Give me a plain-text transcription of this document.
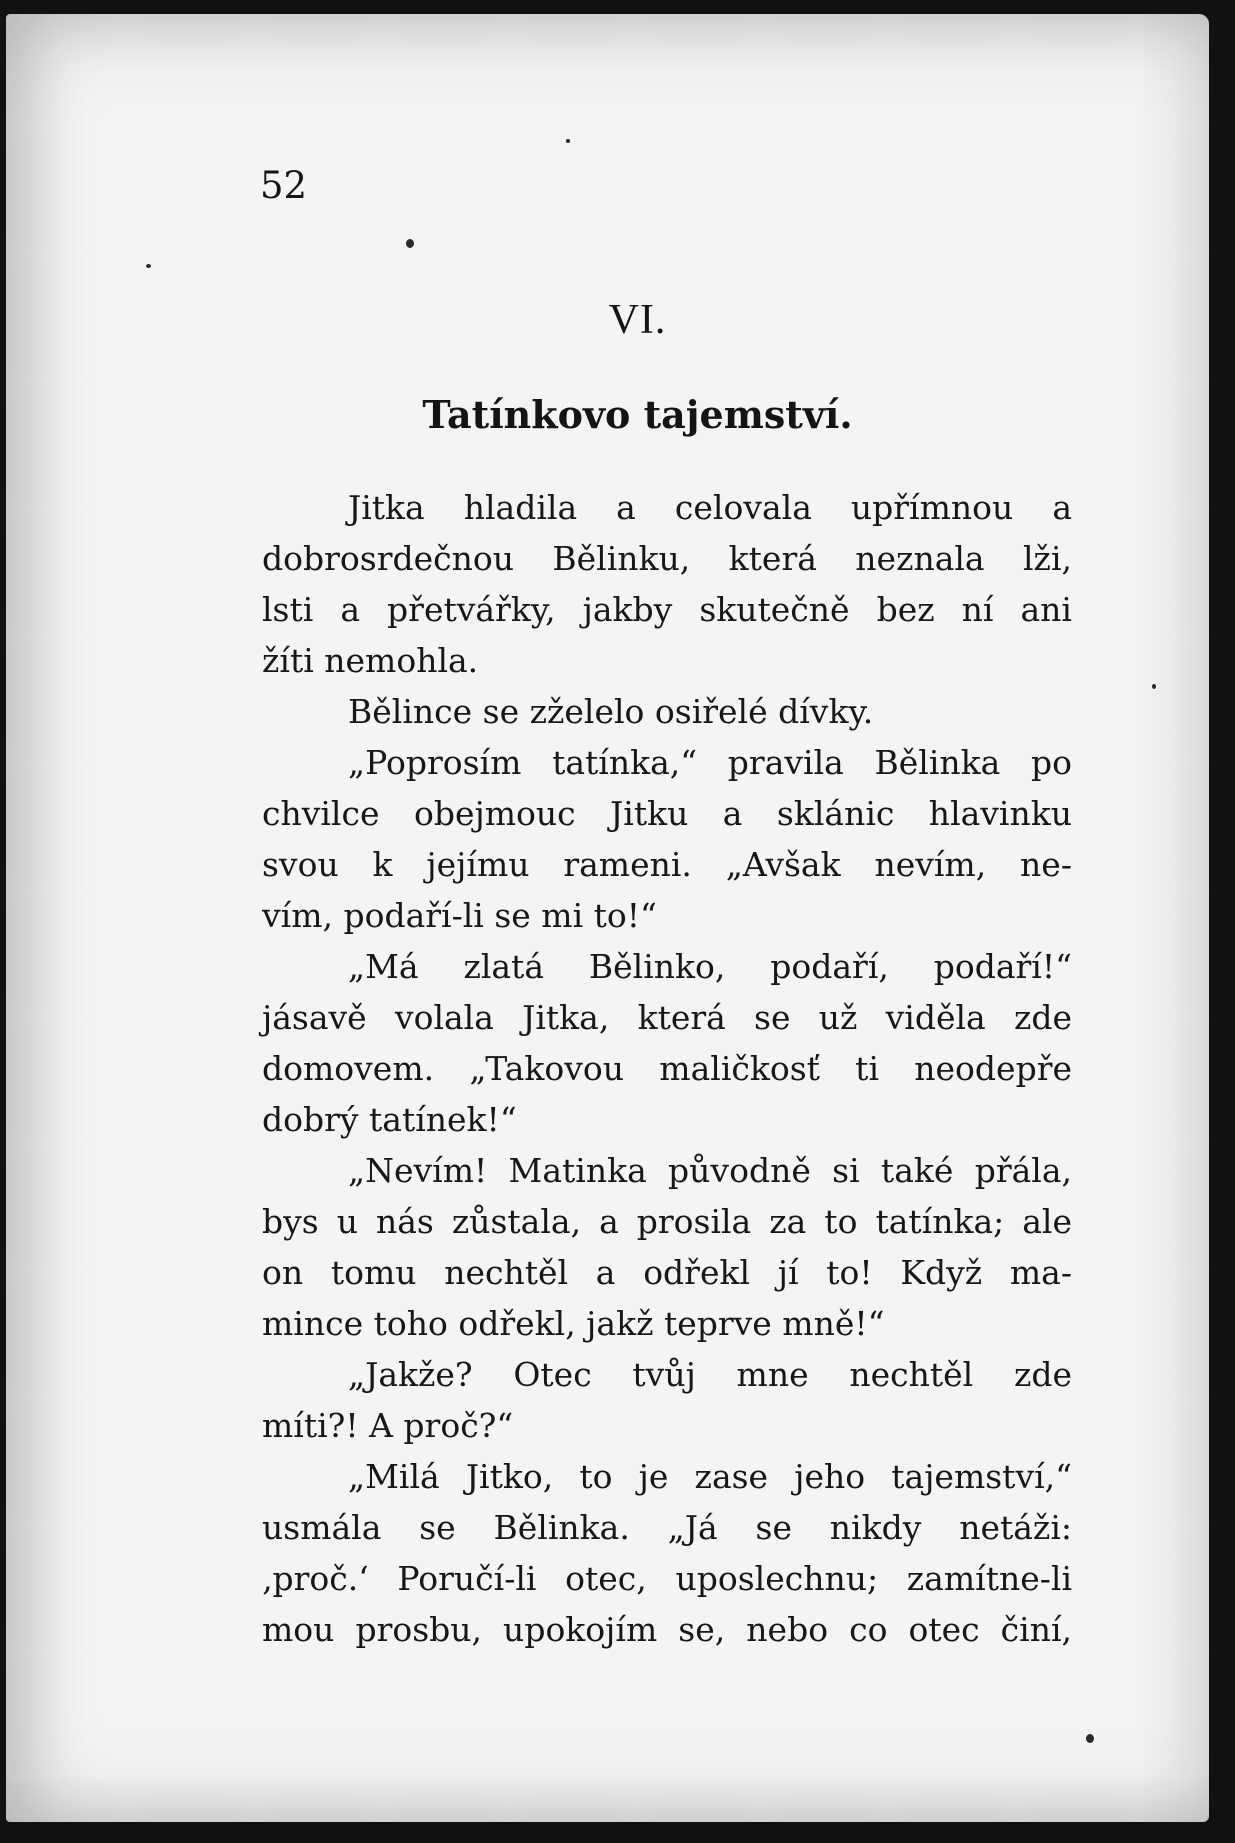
52

VI.

Tatínkovo tajemství.

Jitka hladila a celovala upřímnou a
dobrosrdečnou Bělinku, která neznala lži,
lsti a přetvářky, jakby skutečně bez ní ani
žíti nemohla.
Bělince se zželelo osiřelé dívky.
„Poprosím tatínka,“ pravila Bělinka po
chvilce obejmouc Jitku a sklánic hlavinku
svou k jejímu rameni. „Avšak nevím, ne-
vím, podaří-li se mi to!“
„Má zlatá Bělinko, podaří, podaří!“
jásavě volala Jitka, která se už viděla zde
domovem. „Takovou maličkosť ti neodepře
dobrý tatínek!“
„Nevím! Matinka původně si také přála,
bys u nás zůstala, a prosila za to tatínka; ale
on tomu nechtěl a odřekl jí to! Když ma-
mince toho odřekl, jakž teprve mně!“
„Jakže? Otec tvůj mne nechtěl zde
míti?! A proč?“
„Milá Jitko, to je zase jeho tajemství,“
usmála se Bělinka. „Já se nikdy netáži:
‚proč.‘ Poručí-li otec, uposlechnu; zamítne-li
mou prosbu, upokojím se, nebo co otec činí,
